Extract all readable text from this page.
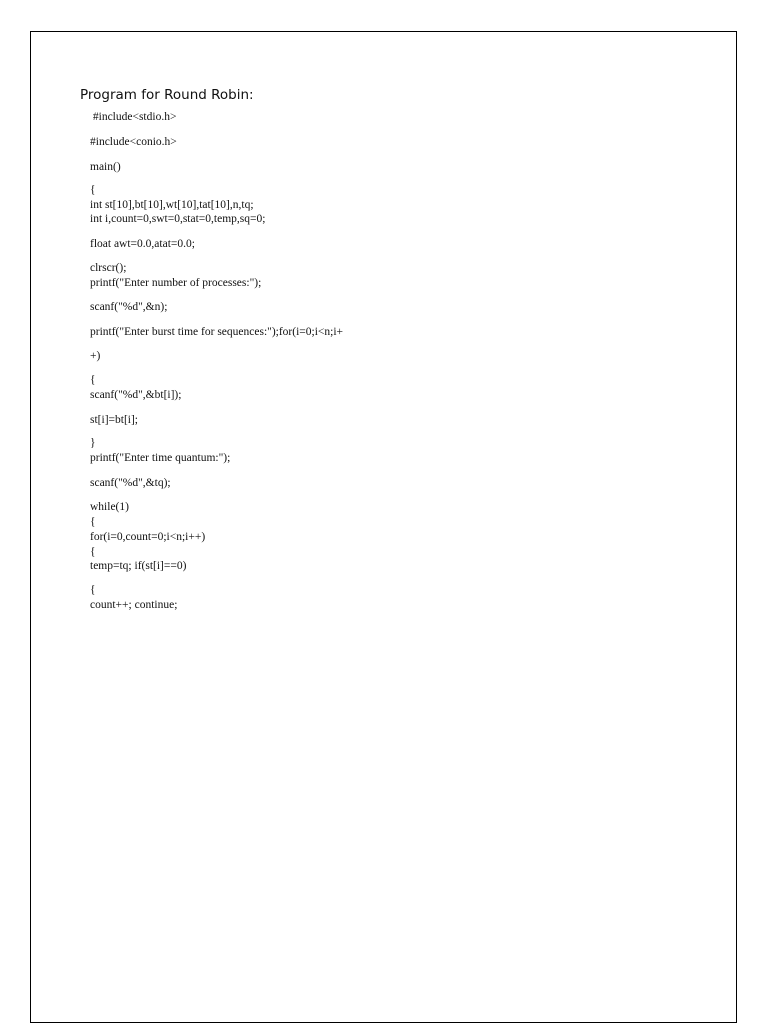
Program for Round Robin:
#include<stdio.h>
#include<conio.h>
main()
{
int st[10],bt[10],wt[10],tat[10],n,tq;
int i,count=0,swt=0,stat=0,temp,sq=0;
float awt=0.0,atat=0.0;
clrscr();
printf("Enter number of processes:");
scanf("%d",&n);
printf("Enter burst time for sequences:");for(i=0;i<n;i+
+)
{
scanf("%d",&bt[i]);
st[i]=bt[i];
}
printf("Enter time quantum:");
scanf("%d",&tq);
while(1)
{
for(i=0,count=0;i<n;i++)
{
temp=tq; if(st[i]==0)
{
count++; continue;
